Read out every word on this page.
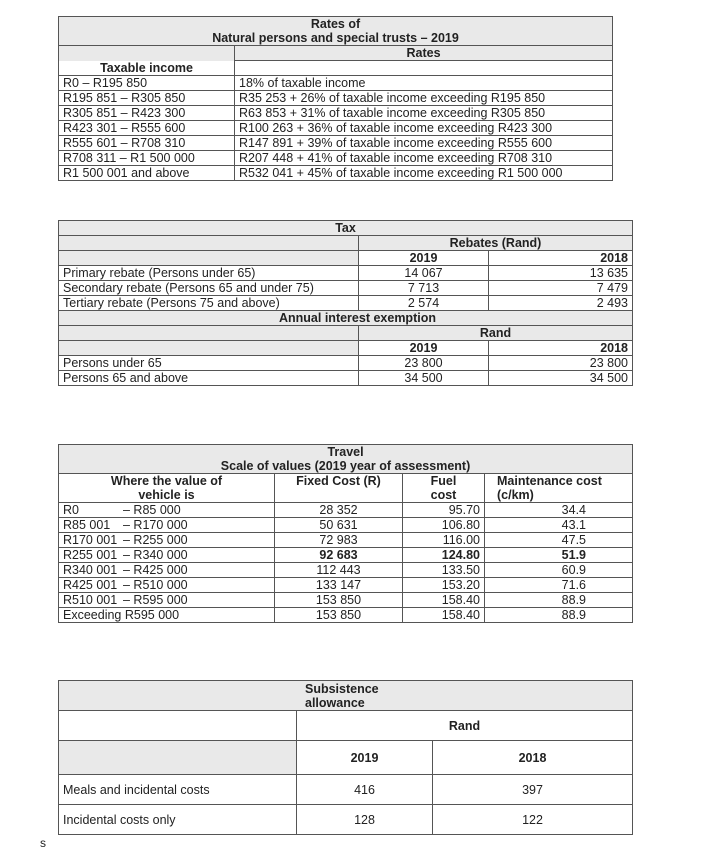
Rates of
Natural persons and special trusts – 2019	

	Rates
Taxable income	
R0 – R195 850	18% of taxable income
R195 851 – R305 850	R35 253 + 26% of taxable income exceeding R195 850
R305 851 – R423 300	R63 853 + 31% of taxable income exceeding R305 850
R423 301 – R555 600	R100 263 + 36% of taxable income exceeding R423 300
R555 601 – R708 310	R147 891 + 39% of taxable income exceeding R555 600
R708 311 – R1 500 000	R207 448 + 41% of taxable income exceeding R708 310
R1 500 001 and above	R532 041 + 45% of taxable income exceeding R1 500 000
Tax		
	Rebates (Rand)	
	2019	2018
Primary rebate (Persons under 65)	14 067	13 635
Secondary rebate (Persons 65 and under 75)	7 713	7 479
Tertiary rebate (Persons 75 and above)	2 574	2 493
Annual interest exemption		
	Rand	
	2019	2018
Persons under 65	23 800	23 800
Persons 65 and above	34 500	34 500
Travel
Scale of values (2019 year of assessment)			

Where the value of vehicle is	Fixed Cost (R)	Fuel cost	Maintenance cost (c/km)
R0 – R85 000	28 352	95.70	34.4
R85 001 – R170 000	50 631	106.80	43.1
R170 001 – R255 000	72 983	116.00	47.5
R255 001 – R340 000	92 683	124.80	51.9
R340 001 – R425 000	112 443	133.50	60.9
R425 001 – R510 000	133 147	153.20	71.6
R510 001 – R595 000	153 850	158.40	88.9
Exceeding R595 000	153 850	158.40	88.9
Subsistence
allowance		

	Rand	
	2019	2018
Meals and incidental costs	416	397
Incidental costs only	128	122
s
